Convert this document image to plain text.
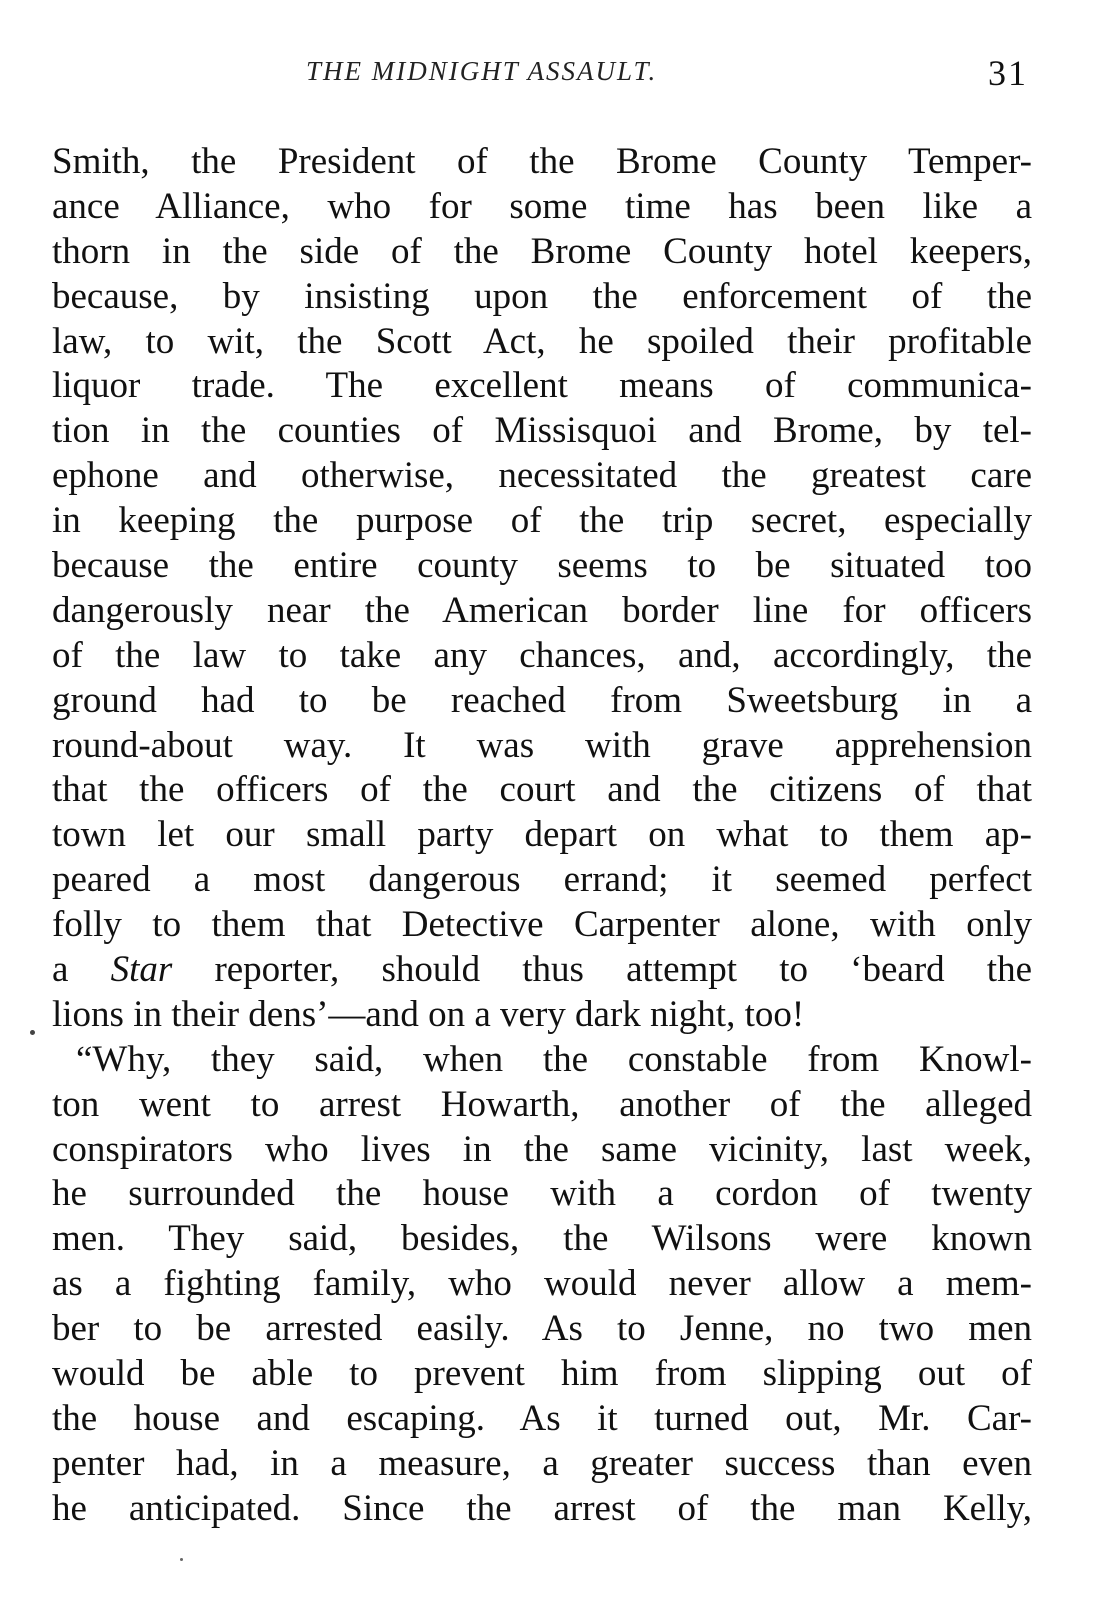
THE MIDNIGHT ASSAULT.	31
Smith, the President of the Brome County Temper-
ance Alliance, who for some time has been like a
thorn in the side of the Brome County hotel keepers,
because, by insisting upon the enforcement of the
law, to wit, the Scott Act, he spoiled their profitable
liquor trade. The excellent means of communica-
tion in the counties of Missisquoi and Brome, by tel-
ephone and otherwise, necessitated the greatest care
in keeping the purpose of the trip secret, especially
because the entire county seems to be situated too
dangerously near the American border line for officers
of the law to take any chances, and, accordingly, the
ground had to be reached from Sweetsburg in a
round-about way. It was with grave apprehension
that the officers of the court and the citizens of that
town let our small party depart on what to them ap-
peared a most dangerous errand; it seemed perfect
folly to them that Detective Carpenter alone, with only
a Star reporter, should thus attempt to ‘beard the
lions in their dens’—and on a very dark night, too!
“Why, they said, when the constable from Knowl-
ton went to arrest Howarth, another of the alleged
conspirators who lives in the same vicinity, last week,
he surrounded the house with a cordon of twenty
men. They said, besides, the Wilsons were known
as a fighting family, who would never allow a mem-
ber to be arrested easily. As to Jenne, no two men
would be able to prevent him from slipping out of
the house and escaping. As it turned out, Mr. Car-
penter had, in a measure, a greater success than even
he anticipated. Since the arrest of the man Kelly,
